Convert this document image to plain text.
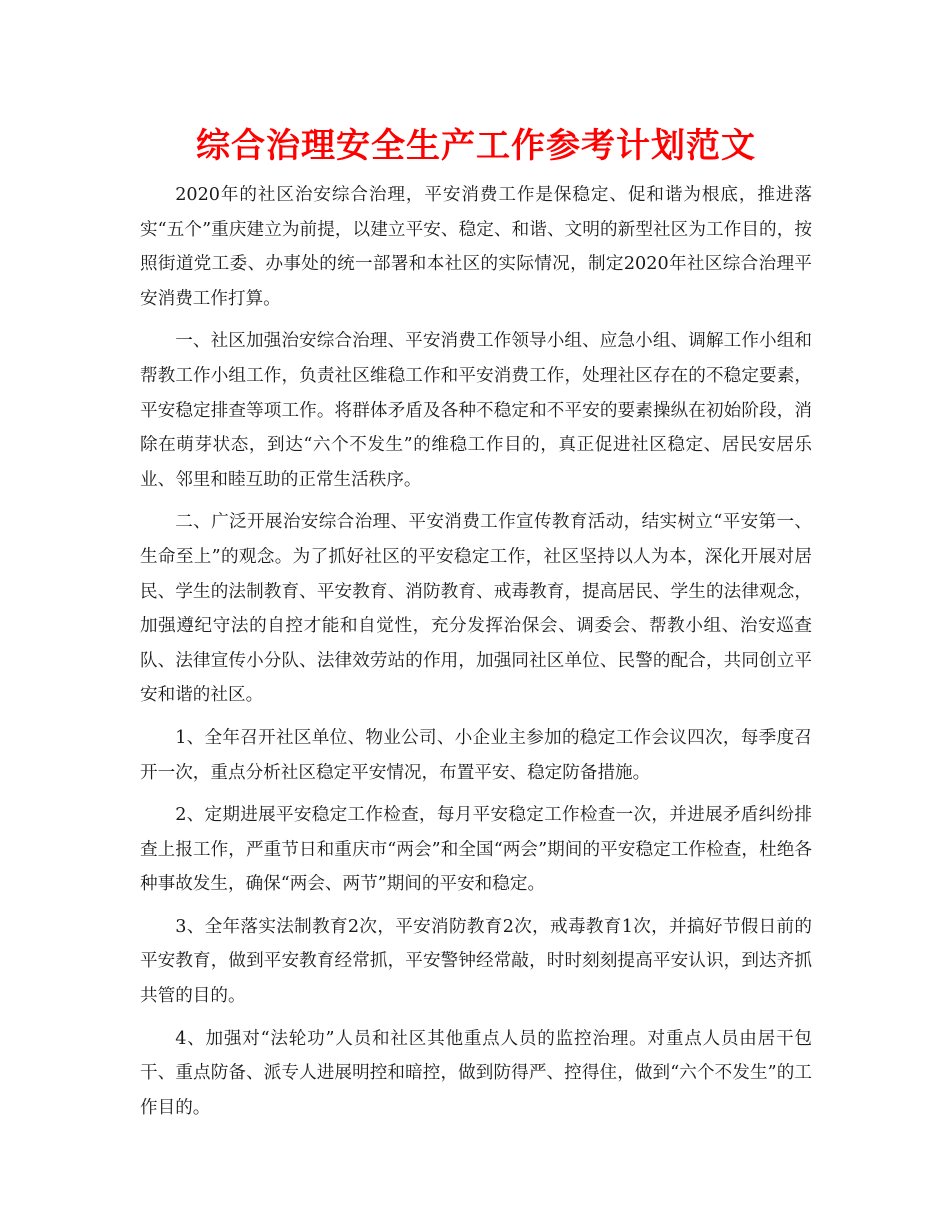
综合治理安全生产工作参考计划范文

2020年的社区治安综合治理，平安消费工作是保稳定、促和谐为根底，推进落实“五个”重庆建立为前提，以建立平安、稳定、和谐、文明的新型社区为工作目的，按照街道党工委、办事处的统一部署和本社区的实际情况，制定2020年社区综合治理平安消费工作打算。

一、社区加强治安综合治理、平安消费工作领导小组、应急小组、调解工作小组和帮教工作小组工作，负责社区维稳工作和平安消费工作，处理社区存在的不稳定要素，平安稳定排查等项工作。将群体矛盾及各种不稳定和不平安的要素操纵在初始阶段，消除在萌芽状态，到达“六个不发生”的维稳工作目的，真正促进社区稳定、居民安居乐业、邻里和睦互助的正常生活秩序。

二、广泛开展治安综合治理、平安消费工作宣传教育活动，结实树立“平安第一、生命至上”的观念。为了抓好社区的平安稳定工作，社区坚持以人为本，深化开展对居民、学生的法制教育、平安教育、消防教育、戒毒教育，提高居民、学生的法律观念，加强遵纪守法的自控才能和自觉性，充分发挥治保会、调委会、帮教小组、治安巡查队、法律宣传小分队、法律效劳站的作用，加强同社区单位、民警的配合，共同创立平安和谐的社区。

1、全年召开社区单位、物业公司、小企业主参加的稳定工作会议四次，每季度召开一次，重点分析社区稳定平安情况，布置平安、稳定防备措施。

2、定期进展平安稳定工作检查，每月平安稳定工作检查一次，并进展矛盾纠纷排查上报工作，严重节日和重庆市“两会”和全国“两会”期间的平安稳定工作检查，杜绝各种事故发生，确保“两会、两节”期间的平安和稳定。

3、全年落实法制教育2次，平安消防教育2次，戒毒教育1次，并搞好节假日前的平安教育，做到平安教育经常抓，平安警钟经常敲，时时刻刻提高平安认识，到达齐抓共管的目的。

4、加强对“法轮功”人员和社区其他重点人员的监控治理。对重点人员由居干包干、重点防备、派专人进展明控和暗控，做到防得严、控得住，做到“六个不发生”的工作目的。
